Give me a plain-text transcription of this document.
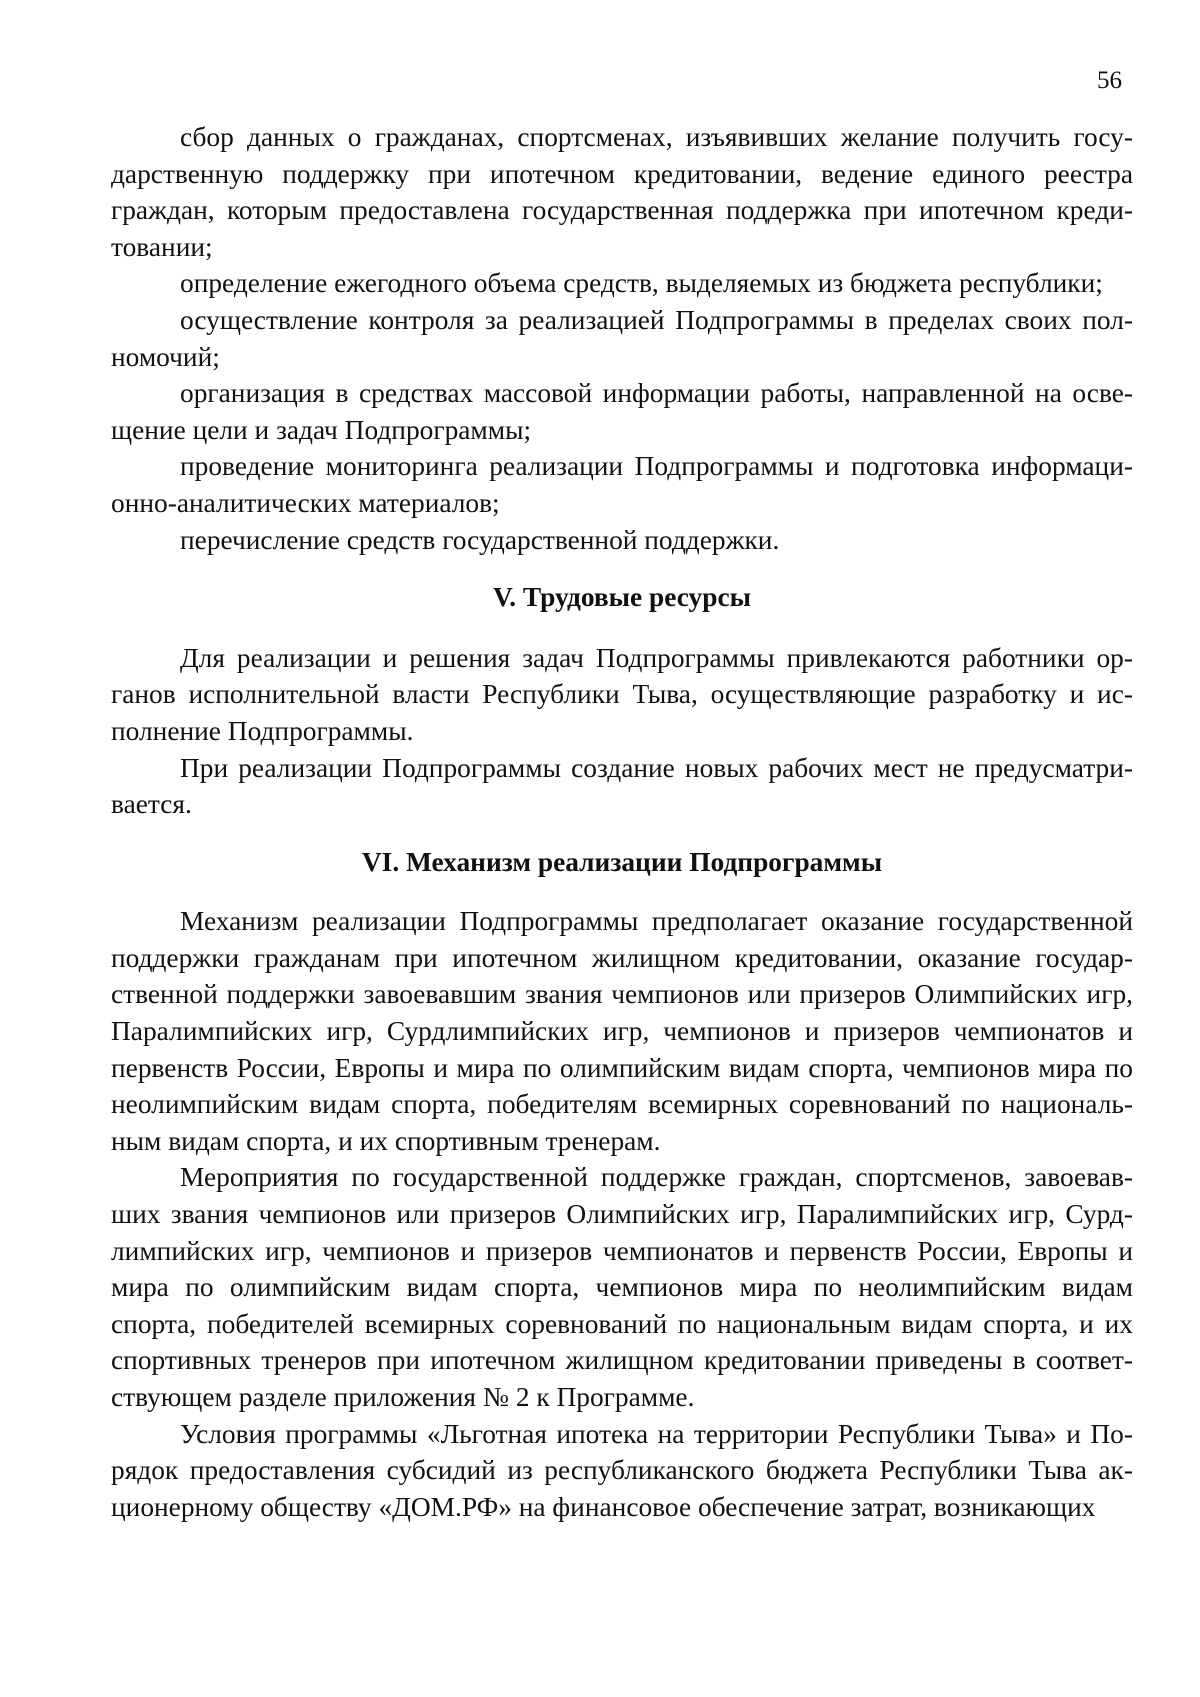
56

сбор данных о гражданах, спортсменах, изъявивших желание получить государственную поддержку при ипотечном кредитовании, ведение единого реестра граждан, которым предоставлена государственная поддержка при ипотечном кредитовании;

определение ежегодного объема средств, выделяемых из бюджета республики;

осуществление контроля за реализацией Подпрограммы в пределах своих полномочий;

организация в средствах массовой информации работы, направленной на освещение цели и задач Подпрограммы;

проведение мониторинга реализации Подпрограммы и подготовка информационно-аналитических материалов;

перечисление средств государственной поддержки.

V. Трудовые ресурсы

Для реализации и решения задач Подпрограммы привлекаются работники органов исполнительной власти Республики Тыва, осуществляющие разработку и исполнение Подпрограммы.

При реализации Подпрограммы создание новых рабочих мест не предусматривается.

VI. Механизм реализации Подпрограммы

Механизм реализации Подпрограммы предполагает оказание государственной поддержки гражданам при ипотечном жилищном кредитовании, оказание государственной поддержки завоевавшим звания чемпионов или призеров Олимпийских игр, Паралимпийских игр, Сурдлимпийских игр, чемпионов и призеров чемпионатов и первенств России, Европы и мира по олимпийским видам спорта, чемпионов мира по неолимпийским видам спорта, победителям всемирных соревнований по национальным видам спорта, и их спортивным тренерам.

Мероприятия по государственной поддержке граждан, спортсменов, завоевавших звания чемпионов или призеров Олимпийских игр, Паралимпийских игр, Сурдлимпийских игр, чемпионов и призеров чемпионатов и первенств России, Европы и мира по олимпийским видам спорта, чемпионов мира по неолимпийским видам спорта, победителей всемирных соревнований по национальным видам спорта, и их спортивных тренеров при ипотечном жилищном кредитовании приведены в соответствующем разделе приложения № 2 к Программе.

Условия программы «Льготная ипотека на территории Республики Тыва» и Порядок предоставления субсидий из республиканского бюджета Республики Тыва акционерному обществу «ДОМ.РФ» на финансовое обеспечение затрат, возникающих
